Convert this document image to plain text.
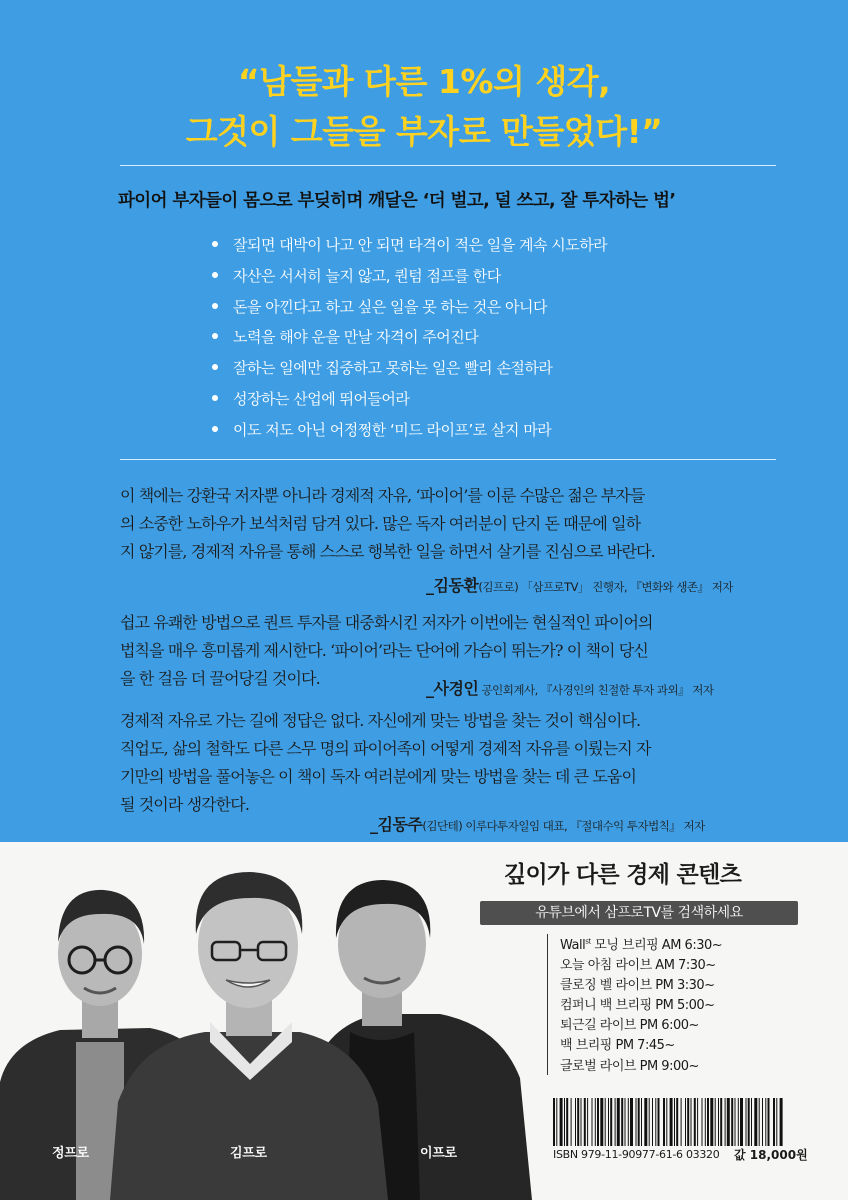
“남들과 다른 1%의 생각,
그것이 그들을 부자로 만들었다!”
파이어 부자들이 몸으로 부딪히며 깨달은 ‘더 벌고, 덜 쓰고, 잘 투자하는 법’
잘되면 대박이 나고 안 되면 타격이 적은 일을 계속 시도하라
자산은 서서히 늘지 않고, 퀀텀 점프를 한다
돈을 아낀다고 하고 싶은 일을 못 하는 것은 아니다
노력을 해야 운을 만날 자격이 주어진다
잘하는 일에만 집중하고 못하는 일은 빨리 손절하라
성장하는 산업에 뛰어들어라
이도 저도 아닌 어정쩡한 ‘미드 라이프’로 살지 마라
이 책에는 강환국 저자뿐 아니라 경제적 자유, ‘파이어’를 이룬 수많은 젊은 부자들
의 소중한 노하우가 보석처럼 담겨 있다. 많은 독자 여러분이 단지 돈 때문에 일하
지 않기를, 경제적 자유를 통해 스스로 행복한 일을 하면서 살기를 진심으로 바란다.
_김동환(김프로) 「삼프로TV」 진행자, 『변화와 생존』 저자
쉽고 유쾌한 방법으로 퀀트 투자를 대중화시킨 저자가 이번에는 현실적인 파이어의
법칙을 매우 흥미롭게 제시한다. ‘파이어’라는 단어에 가슴이 뛰는가? 이 책이 당신
을 한 걸음 더 끌어당길 것이다.
_사경인 공인회계사, 『사경인의 친절한 투자 과외』 저자
경제적 자유로 가는 길에 정답은 없다. 자신에게 맞는 방법을 찾는 것이 핵심이다.
직업도, 삶의 철학도 다른 스무 명의 파이어족이 어떻게 경제적 자유를 이뤘는지 자
기만의 방법을 풀어놓은 이 책이 독자 여러분에게 맞는 방법을 찾는 데 큰 도움이
될 것이라 생각한다.
_김동주(김단테) 이루다투자일임 대표, 『절대수익 투자법칙』 저자
정프로	김프로	이프로
깊이가 다른 경제 콘텐츠
유튜브에서 삼프로TV를 검색하세요
Wall$^{st}$ 모닝 브리핑 AM 6:30~
오늘 아침 라이브 AM 7:30~
클로징 벨 라이브 PM 3:30~
컴퍼니 백 브리핑 PM 5:00~
퇴근길 라이브 PM 6:00~
백 브리핑 PM 7:45~
글로벌 라이브 PM 9:00~
ISBN 979-11-90977-61-6 03320 값 18,000원
